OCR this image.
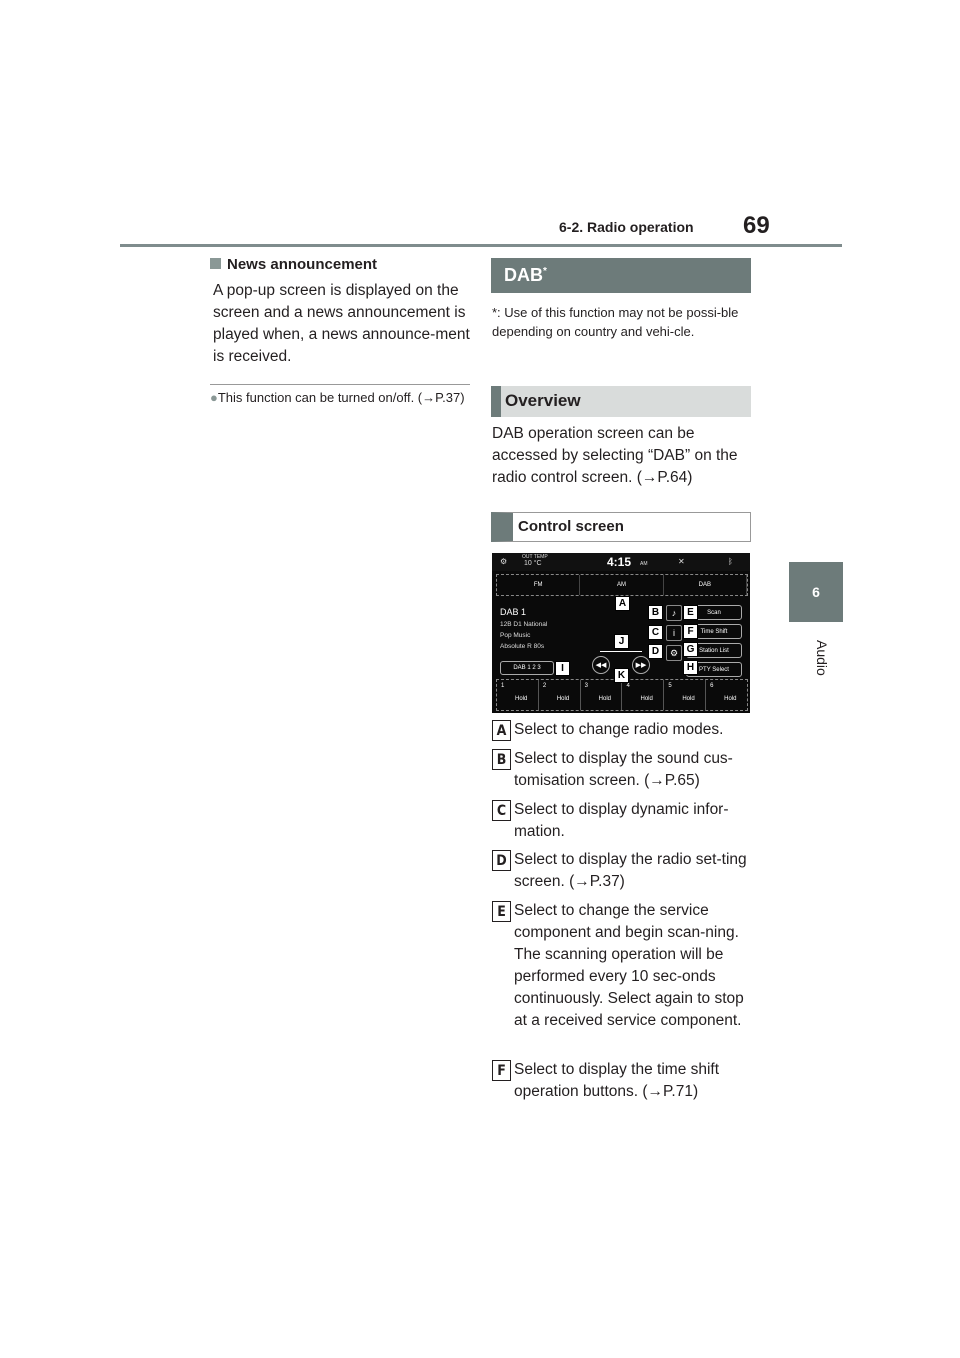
6-2. Radio operation 69
6
Audio
News announcement
A pop-up screen is displayed on the screen and a news announcement is played when, a news announce-ment is received.
●This function can be turned on/off. (→P.37)
DAB*
*: Use of this function may not be possi-ble depending on country and vehi-cle.
Overview
DAB operation screen can be accessed by selecting “DAB” on the radio control screen. (→P.64)
Control screen
OUT TEMP
10 °C	4:15 AM
⚙	✕	ᛒ
FM	AM	DAB
DAB 1
12B D1 National
Pop Music
Absolute R 80s
DAB 1 2 3
Scan
Time Shift
Station List
PTY Select
♪
i
⚙
◀◀	▶▶
1
Hold
2
Hold
3
Hold
4
Hold
5
Hold
6
Hold
A
B
C
D
E
F
G
H
I
J
K
A Select to change radio modes.
B Select to display the sound cus-tomisation screen. (→P.65)
C Select to display dynamic infor-mation.
D Select to display the radio set-ting screen. (→P.37)
E Select to change the service component and begin scan-ning. The scanning operation will be performed every 10 sec-onds continuously. Select again to stop at a received service component.
F Select to display the time shift operation buttons. (→P.71)
